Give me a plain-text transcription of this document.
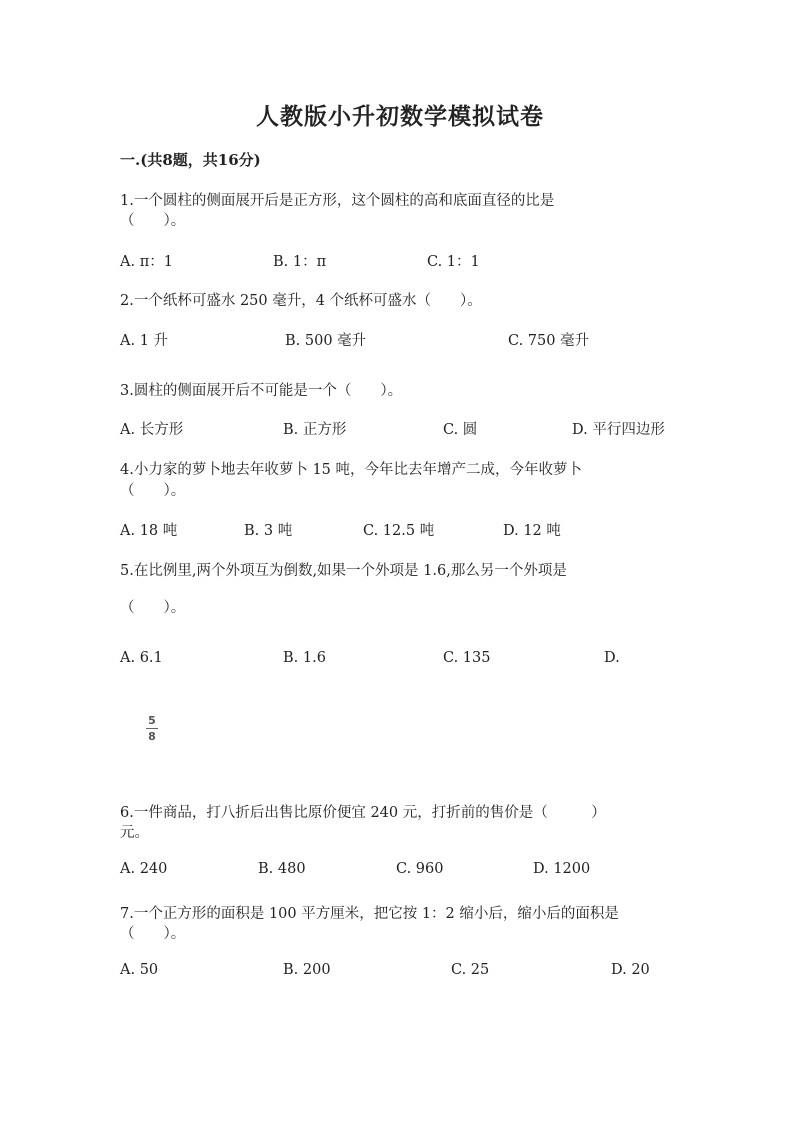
人教版小升初数学模拟试卷
一.(共8题，共16分)
1.一个圆柱的侧面展开后是正方形，这个圆柱的高和底面直径的比是
（　　）。
A. π：1	B. 1：π	C. 1：1
2.一个纸杯可盛水 250 毫升，4 个纸杯可盛水（　　）。
A. 1 升	B. 500 毫升	C. 750 毫升
3.圆柱的侧面展开后不可能是一个（　　）。
A. 长方形	B. 正方形	C. 圆	D. 平行四边形
4.小力家的萝卜地去年收萝卜 15 吨，今年比去年增产二成，今年收萝卜
（　　）。
A. 18 吨	B. 3 吨	C. 12.5 吨	D. 12 吨
5.在比例里,两个外项互为倒数,如果一个外项是 1.6,那么另一个外项是
（　　）。
A. 6.1	B. 1.6	C. 135	D.
5
8
6.一件商品，打八折后出售比原价便宜 240 元，打折前的售价是（　　　）
元。
A. 240	B. 480	C. 960	D. 1200
7.一个正方形的面积是 100 平方厘米，把它按 1：2 缩小后，缩小后的面积是
（　　）。
A. 50	B. 200	C. 25	D. 20
